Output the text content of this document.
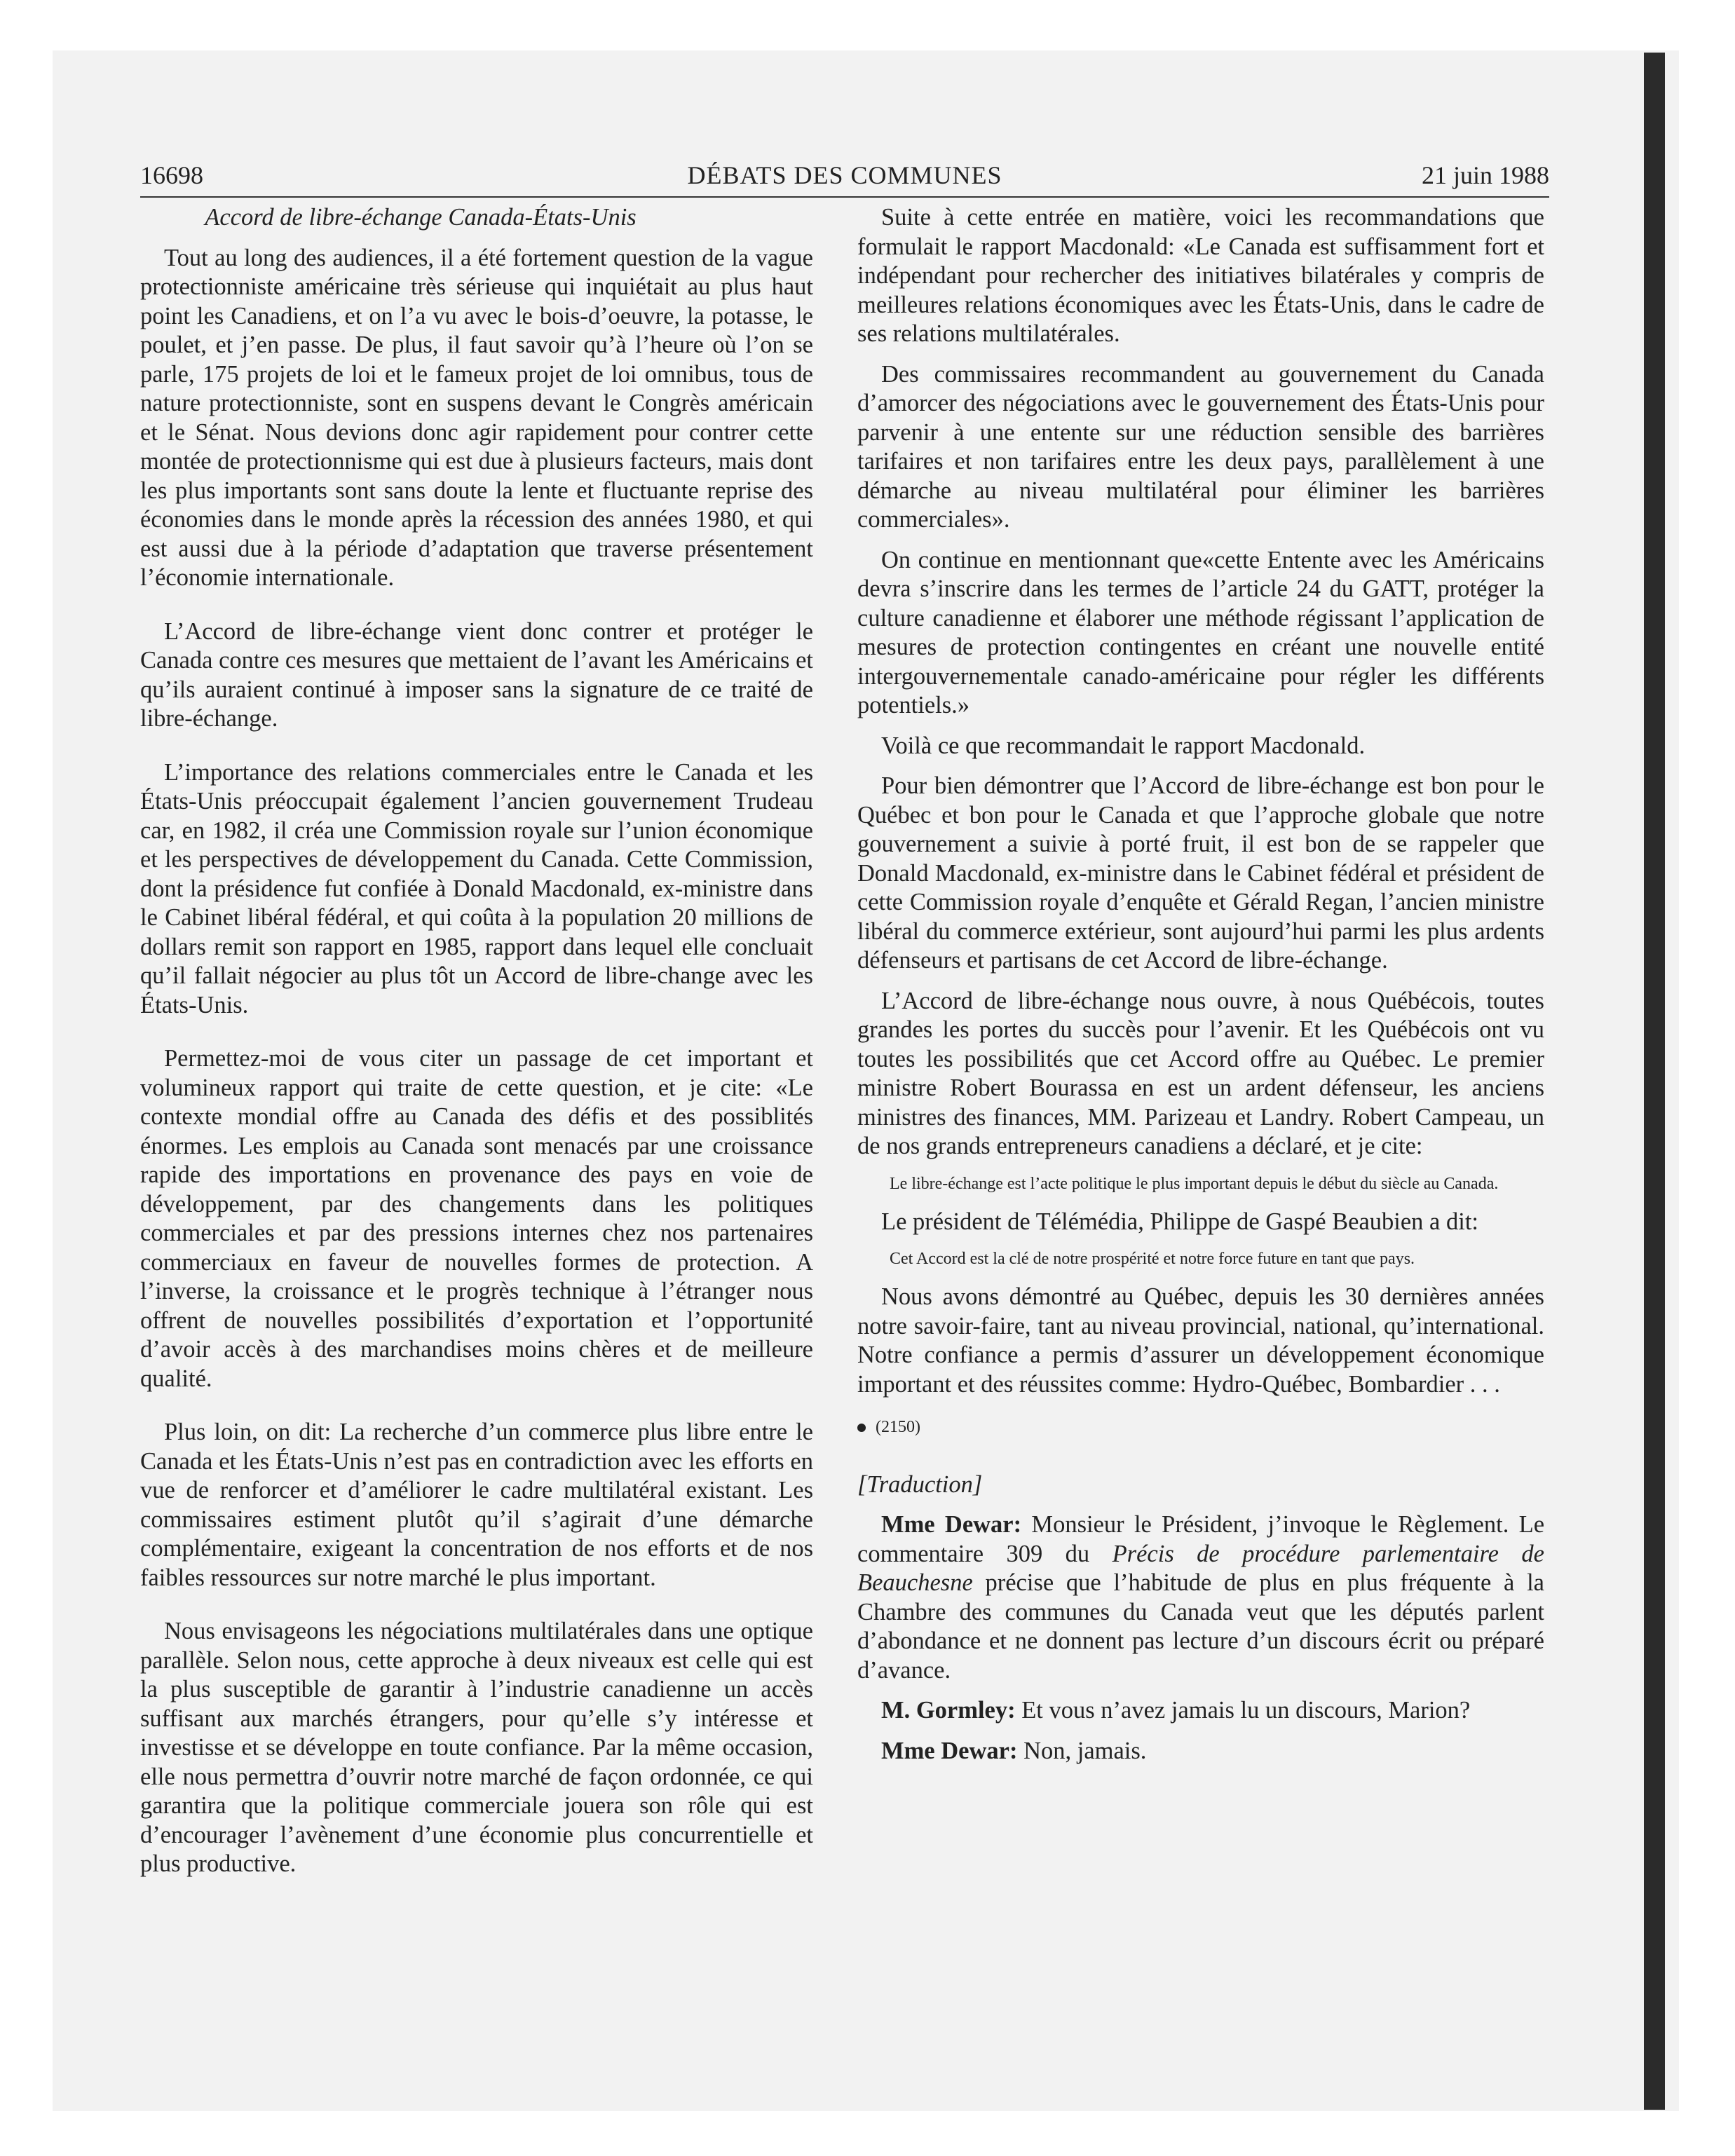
16698	DÉBATS DES COMMUNES	21 juin 1988

Accord de libre-échange Canada-États-Unis

Tout au long des audiences, il a été fortement question de la vague protectionniste américaine très sérieuse qui inquiétait au plus haut point les Canadiens, et on l’a vu avec le bois-d’oeuvre, la potasse, le poulet, et j’en passe. De plus, il faut savoir qu’à l’heure où l’on se parle, 175 projets de loi et le fameux projet de loi omnibus, tous de nature protectionniste, sont en suspens devant le Congrès américain et le Sénat. Nous devions donc agir rapidement pour contrer cette montée de protectionnisme qui est due à plusieurs facteurs, mais dont les plus importants sont sans doute la lente et fluctuante reprise des économies dans le monde après la récession des années 1980, et qui est aussi due à la période d’adaptation que traverse présentement l’économie internationale.

L’Accord de libre-échange vient donc contrer et protéger le Canada contre ces mesures que mettaient de l’avant les Américains et qu’ils auraient continué à imposer sans la signature de ce traité de libre-échange.

L’importance des relations commerciales entre le Canada et les États-Unis préoccupait également l’ancien gouvernement Trudeau car, en 1982, il créa une Commission royale sur l’union économique et les perspectives de développement du Canada. Cette Commission, dont la présidence fut confiée à Donald Macdonald, ex-ministre dans le Cabinet libéral fédéral, et qui coûta à la population 20 millions de dollars remit son rapport en 1985, rapport dans lequel elle concluait qu’il fallait négocier au plus tôt un Accord de libre-change avec les États-Unis.

Permettez-moi de vous citer un passage de cet important et volumineux rapport qui traite de cette question, et je cite: «Le contexte mondial offre au Canada des défis et des possiblités énormes. Les emplois au Canada sont menacés par une croissance rapide des importations en provenance des pays en voie de développement, par des changements dans les politiques commerciales et par des pressions internes chez nos partenaires commerciaux en faveur de nouvelles formes de protection. A l’inverse, la croissance et le progrès technique à l’étranger nous offrent de nouvelles possibilités d’exportation et l’opportunité d’avoir accès à des marchandises moins chères et de meilleure qualité.

Plus loin, on dit: La recherche d’un commerce plus libre entre le Canada et les États-Unis n’est pas en contradiction avec les efforts en vue de renforcer et d’améliorer le cadre multilatéral existant. Les commissaires estiment plutôt qu’il s’agirait d’une démarche complémentaire, exigeant la concentration de nos efforts et de nos faibles ressources sur notre marché le plus important.

Nous envisageons les négociations multilatérales dans une optique parallèle. Selon nous, cette approche à deux niveaux est celle qui est la plus susceptible de garantir à l’industrie canadienne un accès suffisant aux marchés étrangers, pour qu’elle s’y intéresse et investisse et se développe en toute confiance. Par la même occasion, elle nous permettra d’ouvrir notre marché de façon ordonnée, ce qui garantira que la politique commerciale jouera son rôle qui est d’encourager l’avènement d’une économie plus concurrentielle et plus productive.

Suite à cette entrée en matière, voici les recommandations que formulait le rapport Macdonald: «Le Canada est suffisamment fort et indépendant pour rechercher des initiatives bilatérales y compris de meilleures relations économiques avec les États-Unis, dans le cadre de ses relations multilatérales.

Des commissaires recommandent au gouvernement du Canada d’amorcer des négociations avec le gouvernement des États-Unis pour parvenir à une entente sur une réduction sensible des barrières tarifaires et non tarifaires entre les deux pays, parallèlement à une démarche au niveau multilatéral pour éliminer les barrières commerciales».

On continue en mentionnant que«cette Entente avec les Américains devra s’inscrire dans les termes de l’article 24 du GATT, protéger la culture canadienne et élaborer une méthode régissant l’application de mesures de protection contingentes en créant une nouvelle entité intergouvernementale canado-américaine pour régler les différents potentiels.»

Voilà ce que recommandait le rapport Macdonald.

Pour bien démontrer que l’Accord de libre-échange est bon pour le Québec et bon pour le Canada et que l’approche globale que notre gouvernement a suivie à porté fruit, il est bon de se rappeler que Donald Macdonald, ex-ministre dans le Cabinet fédéral et président de cette Commission royale d’enquête et Gérald Regan, l’ancien ministre libéral du commerce extérieur, sont aujourd’hui parmi les plus ardents défenseurs et partisans de cet Accord de libre-échange.

L’Accord de libre-échange nous ouvre, à nous Québécois, toutes grandes les portes du succès pour l’avenir. Et les Québécois ont vu toutes les possibilités que cet Accord offre au Québec. Le premier ministre Robert Bourassa en est un ardent défenseur, les anciens ministres des finances, MM. Parizeau et Landry. Robert Campeau, un de nos grands entrepreneurs canadiens a déclaré, et je cite:

Le libre-échange est l’acte politique le plus important depuis le début du siècle au Canada.

Le président de Télémédia, Philippe de Gaspé Beaubien a dit:

Cet Accord est la clé de notre prospérité et notre force future en tant que pays.

Nous avons démontré au Québec, depuis les 30 dernières années notre savoir-faire, tant au niveau provincial, national, qu’international. Notre confiance a permis d’assurer un développement économique important et des réussites comme: Hydro-Québec, Bombardier . . .

(2150)

[Traduction]

Mme Dewar: Monsieur le Président, j’invoque le Règlement. Le commentaire 309 du Précis de procédure parlementaire de Beauchesne précise que l’habitude de plus en plus fréquente à la Chambre des communes du Canada veut que les députés parlent d’abondance et ne donnent pas lecture d’un discours écrit ou préparé d’avance.

M. Gormley: Et vous n’avez jamais lu un discours, Marion?

Mme Dewar: Non, jamais.
